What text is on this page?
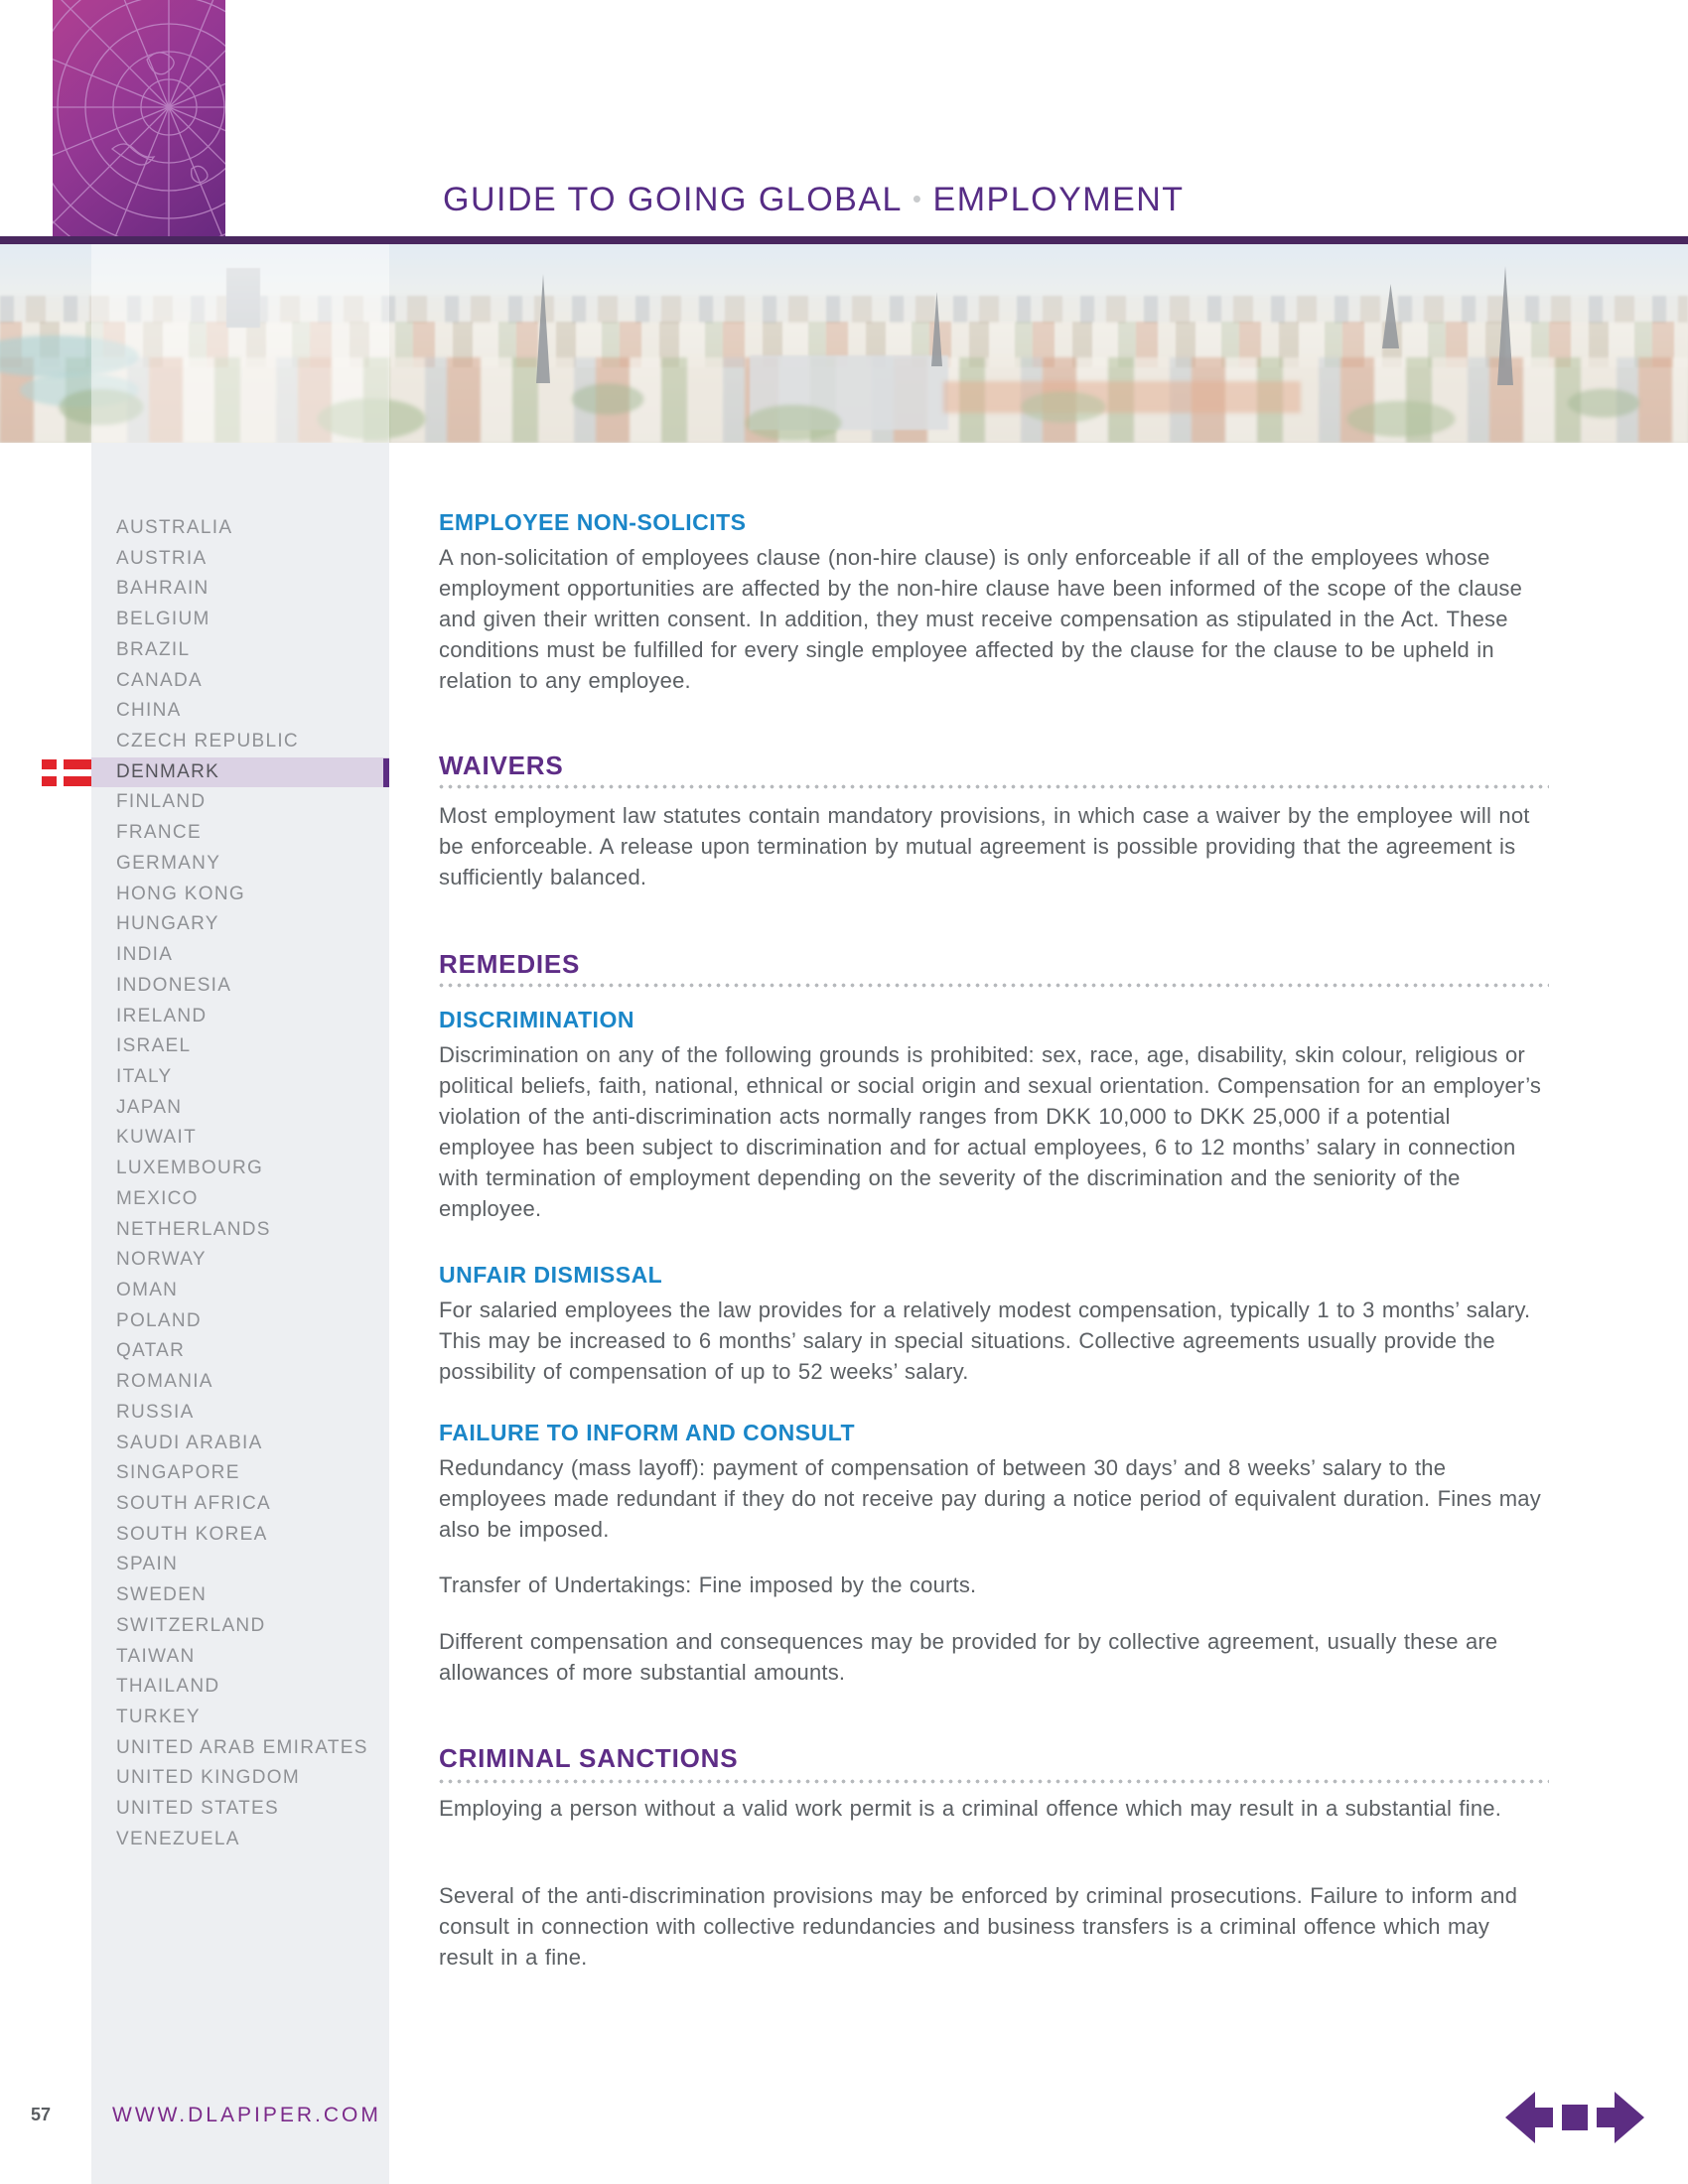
GUIDE TO GOING GLOBAL • EMPLOYMENT
AUSTRALIA
AUSTRIA
BAHRAIN
BELGIUM
BRAZIL
CANADA
CHINA
CZECH REPUBLIC
DENMARK
FINLAND
FRANCE
GERMANY
HONG KONG
HUNGARY
INDIA
INDONESIA
IRELAND
ISRAEL
ITALY
JAPAN
KUWAIT
LUXEMBOURG
MEXICO
NETHERLANDS
NORWAY
OMAN
POLAND
QATAR
ROMANIA
RUSSIA
SAUDI ARABIA
SINGAPORE
SOUTH AFRICA
SOUTH KOREA
SPAIN
SWEDEN
SWITZERLAND
TAIWAN
THAILAND
TURKEY
UNITED ARAB EMIRATES
UNITED KINGDOM
UNITED STATES
VENEZUELA
EMPLOYEE NON-SOLICITS
A non-solicitation of employees clause (non-hire clause) is only enforceable if all of the employees whose employment opportunities are affected by the non-hire clause have been informed of the scope of the clause and given their written consent. In addition, they must receive compensation as stipulated in the Act. These conditions must be fulfilled for every single employee affected by the clause for the clause to be upheld in relation to any employee.
WAIVERS
Most employment law statutes contain mandatory provisions, in which case a waiver by the employee will not be enforceable. A release upon termination by mutual agreement is possible providing that the agreement is sufficiently balanced.
REMEDIES
DISCRIMINATION
Discrimination on any of the following grounds is prohibited: sex, race, age, disability, skin colour, religious or political beliefs, faith, national, ethnical or social origin and sexual orientation. Compensation for an employer’s violation of the anti-discrimination acts normally ranges from DKK 10,000 to DKK 25,000 if a potential employee has been subject to discrimination and for actual employees, 6 to 12 months’ salary in connection with termination of employment depending on the severity of the discrimination and the seniority of the employee.
UNFAIR DISMISSAL
For salaried employees the law provides for a relatively modest compensation, typically 1 to 3 months’ salary. This may be increased to 6 months’ salary in special situations. Collective agreements usually provide the possibility of compensation of up to 52 weeks’ salary.
FAILURE TO INFORM AND CONSULT
Redundancy (mass layoff): payment of compensation of between 30 days’ and 8 weeks’ salary to the employees made redundant if they do not receive pay during a notice period of equivalent duration. Fines may also be imposed.
Transfer of Undertakings: Fine imposed by the courts.
Different compensation and consequences may be provided for by collective agreement, usually these are allowances of more substantial amounts.
CRIMINAL SANCTIONS
Employing a person without a valid work permit is a criminal offence which may result in a substantial fine.
Several of the anti-discrimination provisions may be enforced by criminal prosecutions. Failure to inform and consult in connection with collective redundancies and business transfers is a criminal offence which may result in a fine.
57	WWW.DLAPIPER.COM
